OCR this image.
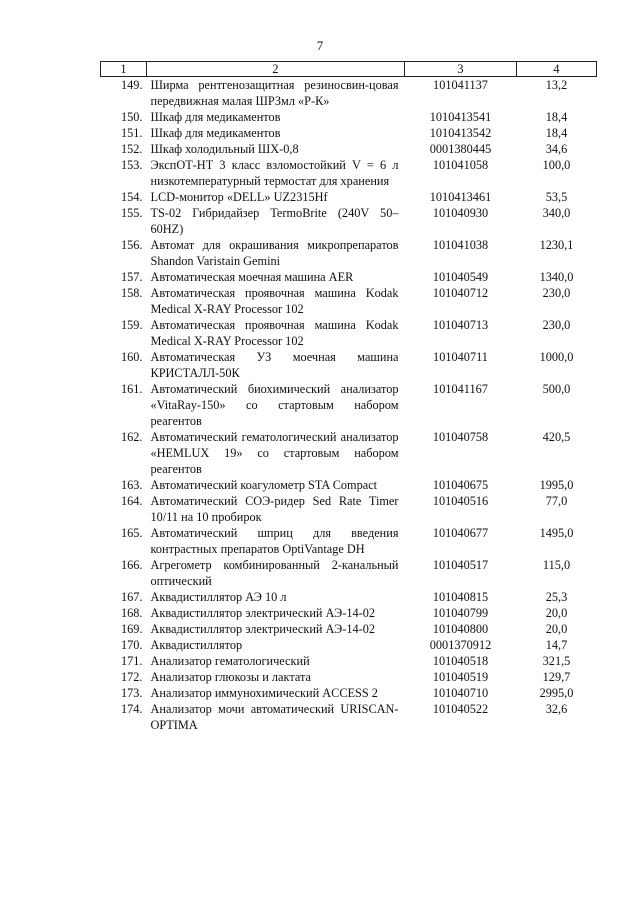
7
1	2	3	4
149.	Ширма рентгенозащитная резиносвин-цовая передвижная малая ШРЗмл «Р-К»	101041137	13,2
150.	Шкаф для медикаментов	1010413541	18,4
151.	Шкаф для медикаментов	1010413542	18,4
152.	Шкаф холодильный ШХ-0,8	0001380445	34,6
153.	ЭкспОТ-НТ 3 класс взломостойкий V = 6 л низкотемпературный термостат для хранения	101041058	100,0
154.	LCD-монитор «DELL» UZ2315Hf	1010413461	53,5
155.	TS-02 Гибридайзер TermoBrite (240V 50–60HZ)	101040930	340,0
156.	Автомат для окрашивания микропрепаратов Shandon Varistain Gemini	101041038	1230,1
157.	Автоматическая моечная машина AER	101040549	1340,0
158.	Автоматическая проявочная машина Kodak Medical X-RAY Processor 102	101040712	230,0
159.	Автоматическая проявочная машина Kodak Medical X-RAY Processor 102	101040713	230,0
160.	Автоматическая УЗ моечная машина КРИСТАЛЛ-50К	101040711	1000,0
161.	Автоматический биохимический анализатор «VitaRay-150» со стартовым набором реагентов	101041167	500,0
162.	Автоматический гематологический анализатор «HEMLUX 19» со стартовым набором реагентов	101040758	420,5
163.	Автоматический коагулометр STA Compact	101040675	1995,0
164.	Автоматический СОЭ-ридер Sed Rate Timer 10/11 на 10 пробирок	101040516	77,0
165.	Автоматический шприц для введения контрастных препаратов OptiVantage DH	101040677	1495,0
166.	Агрегометр комбинированный 2-канальный оптический	101040517	115,0
167.	Аквадистиллятор АЭ 10 л	101040815	25,3
168.	Аквадистиллятор электрический АЭ-14-02	101040799	20,0
169.	Аквадистиллятор электрический АЭ-14-02	101040800	20,0
170.	Аквадистиллятор	0001370912	14,7
171.	Анализатор гематологический	101040518	321,5
172.	Анализатор глюкозы и лактата	101040519	129,7
173.	Анализатор иммунохимический ACCESS 2	101040710	2995,0
174.	Анализатор мочи автоматический URISCAN-OPTIMA	101040522	32,6
